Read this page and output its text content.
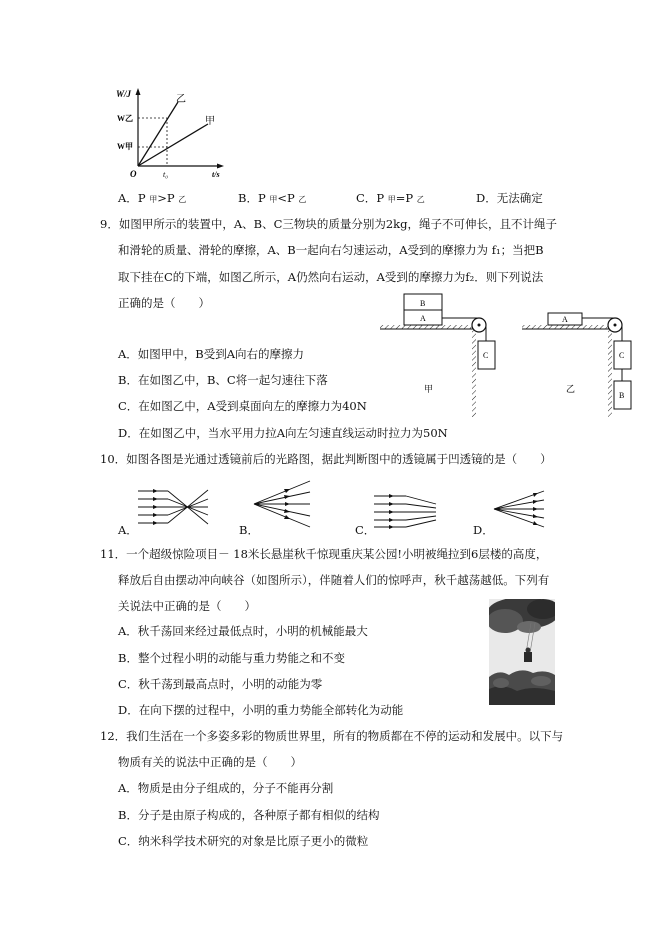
W/J
t/s
O
W乙
W甲
t₀
乙
甲
A．P 甲>P 乙	B．P 甲<P 乙	C．P 甲=P 乙	D．无法确定
9．如图甲所示的装置中，A、B、C三物块的质量分别为2kg，绳子不可伸长，且不计绳子
和滑轮的质量、滑轮的摩擦，A、B一起向右匀速运动，A受到的摩擦力为 f₁；当把B
取下挂在C的下端，如图乙所示，A仍然向右运动，A受到的摩擦力为f₂．则下列说法
正确的是（　　）
A．如图甲中，B受到A向右的摩擦力
B．在如图乙中，B、C将一起匀速往下落
C．在如图乙中，A受到桌面向左的摩擦力为40N
D．在如图乙中，当水平用力拉A向左匀速直线运动时拉力为50N
A
B
C
甲
A
C
B
乙
10．如图各图是光通过透镜前后的光路图，据此判断图中的透镜属于凹透镜的是（　　）
A．	B．	C．	D．
11．一个超级惊险项目－ 18米长悬崖秋千惊现重庆某公园!小明被绳拉到6层楼的高度，
释放后自由摆动冲向峡谷（如图所示），伴随着人们的惊呼声，秋千越荡越低。下列有
关说法中正确的是（　　）
A．秋千荡回来经过最低点时，小明的机械能最大
B．整个过程小明的动能与重力势能之和不变
C．秋千荡到最高点时，小明的动能为零
D．在向下摆的过程中，小明的重力势能全部转化为动能
12．我们生活在一个多姿多彩的物质世界里，所有的物质都在不停的运动和发展中。以下与
物质有关的说法中正确的是（　　）
A．物质是由分子组成的，分子不能再分割
B．分子是由原子构成的，各种原子都有相似的结构
C．纳米科学技术研究的对象是比原子更小的微粒
